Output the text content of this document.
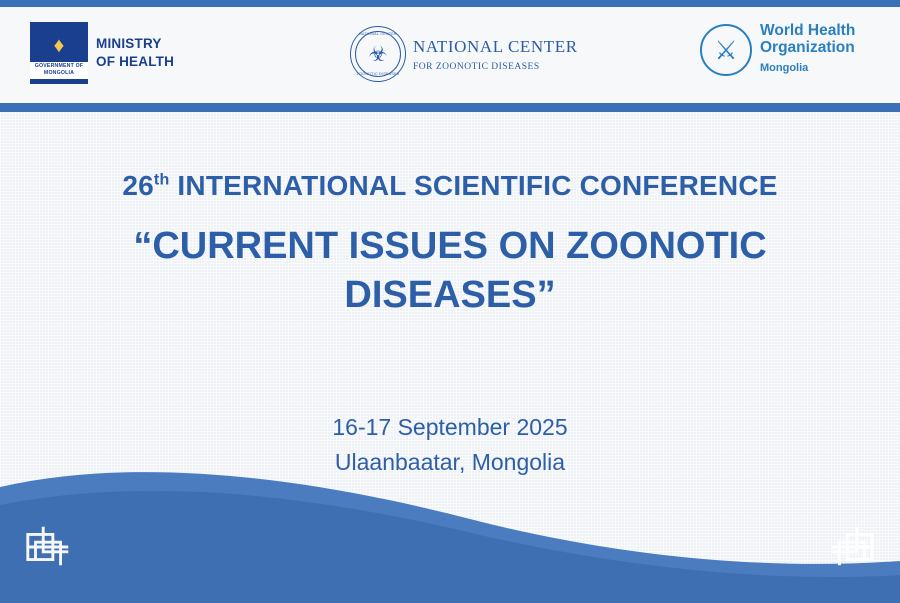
♦
GOVERNMENT OF
MONGOLIA
MINISTRY
OF HEALTH
NATIONAL CENTER
☣
ZOONOTIC DISEASES
NATIONAL CENTER
FOR ZOONOTIC DISEASES
⚔
World Health
Organization
Mongolia
26th INTERNATIONAL SCIENTIFIC CONFERENCE
“CURRENT ISSUES ON ZOONOTIC DISEASES”
16-17 September 2025
Ulaanbaatar, Mongolia
